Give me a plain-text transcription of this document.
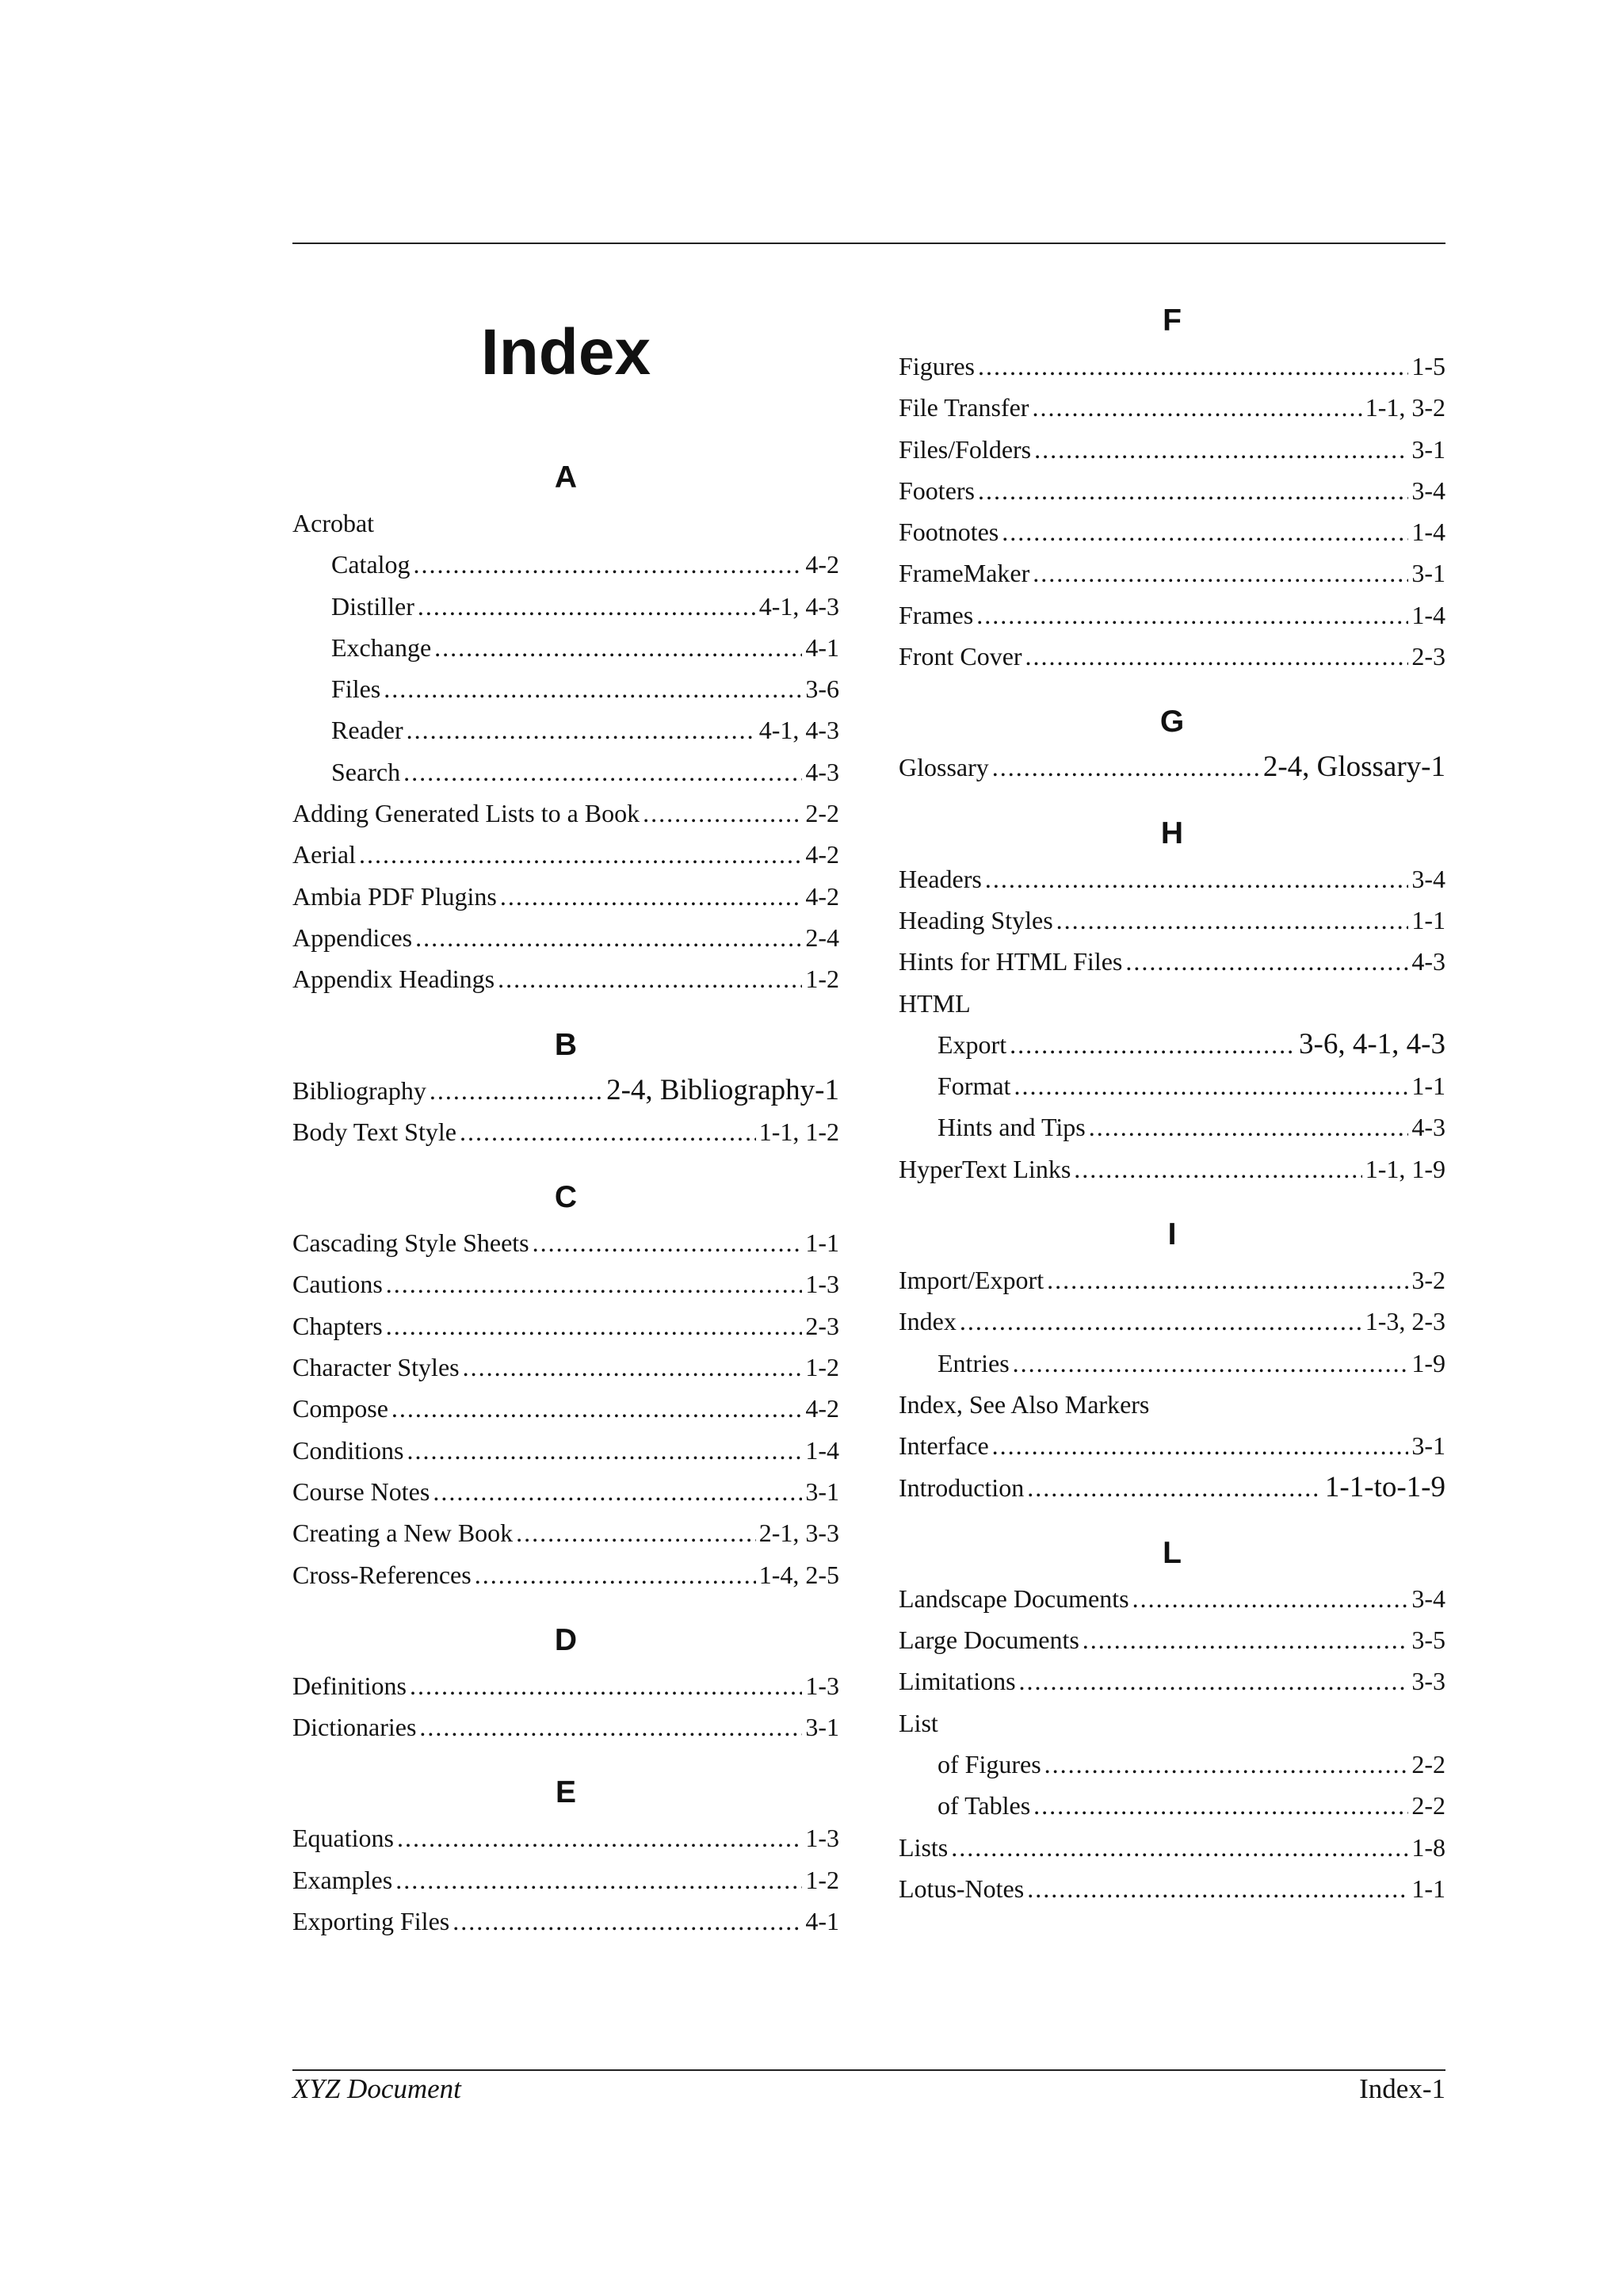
Index
A
Acrobat
Catalog .....	4-2
Distiller .....	4-1, 4-3
Exchange .....	4-1
Files .....	3-6
Reader .....	4-1, 4-3
Search .....	4-3
Adding Generated Lists to a Book .....	2-2
Aerial .....	4-2
Ambia PDF Plugins .....	4-2
Appendices .....	2-4
Appendix Headings .....	1-2
B
Bibliography .....	2-4, Bibliography-1
Body Text Style .....	1-1, 1-2
C
Cascading Style Sheets .....	1-1
Cautions .....	1-3
Chapters .....	2-3
Character Styles .....	1-2
Compose .....	4-2
Conditions .....	1-4
Course Notes .....	3-1
Creating a New Book .....	2-1, 3-3
Cross-References .....	1-4, 2-5
D
Definitions .....	1-3
Dictionaries .....	3-1
E
Equations .....	1-3
Examples .....	1-2
Exporting Files .....	4-1
F
Figures .....	1-5
File Transfer .....	1-1, 3-2
Files/Folders .....	3-1
Footers .....	3-4
Footnotes .....	1-4
FrameMaker .....	3-1
Frames .....	1-4
Front Cover .....	2-3
G
Glossary .....	2-4, Glossary-1
H
Headers .....	3-4
Heading Styles .....	1-1
Hints for HTML Files .....	4-3
HTML
Export .....	3-6, 4-1, 4-3
Format .....	1-1
Hints and Tips .....	4-3
HyperText Links .....	1-1, 1-9
I
Import/Export .....	3-2
Index .....	1-3, 2-3
Entries .....	1-9
Index, See Also Markers
Interface .....	3-1
Introduction .....	1-1-to-1-9
L
Landscape Documents .....	3-4
Large Documents .....	3-5
Limitations .....	3-3
List
of Figures .....	2-2
of Tables .....	2-2
Lists .....	1-8
Lotus-Notes .....	1-1
XYZ Document	Index-1
